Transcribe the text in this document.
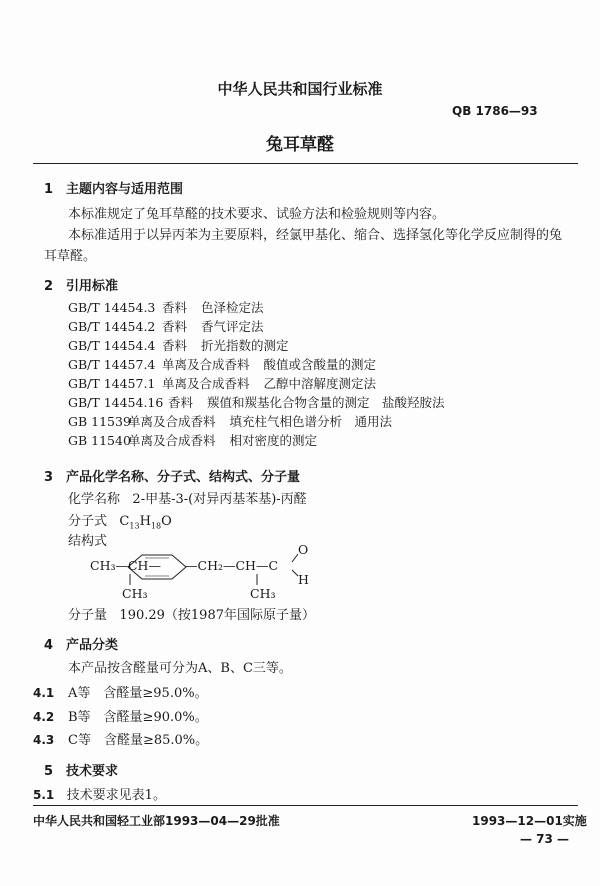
中华人民共和国行业标准
QB 1786—93
兔耳草醛
1　主题内容与适用范围
本标准规定了兔耳草醛的技术要求、试验方法和检验规则等内容。
本标准适用于以异丙苯为主要原料，经氯甲基化、缩合、选择氢化等化学反应制得的兔
耳草醛。
2　引用标准
GB/T 14454.3 香料 色泽检定法
GB/T 14454.2 香料 香气评定法
GB/T 14454.4 香料 折光指数的测定
GB/T 14457.4 单离及合成香料 酸值或含酸量的测定
GB/T 14457.1 单离及合成香料 乙醇中溶解度测定法
GB/T 14454.16 香料 羰值和羰基化合物含量的测定　盐酸羟胺法
GB 11539单离及合成香料 填充柱气相色谱分析　通用法
GB 11540单离及合成香料 相对密度的测定
3　产品化学名称、分子式、结构式、分子量
化学名称 2-甲基-3-(对异丙基苯基)-丙醛
分子式 $C_{13}H_{18}O$
结构式
CH₃—CH—
CH₃
—CH₂—CH—C
CH₃
O
H
分子量 190.29（按1987年国际原子量）
4　产品分类
本产品按含醛量可分为A、B、C三等。
4.1 A等　含醛量≥95.0%。
4.2 B等　含醛量≥90.0%。
4.3 C等　含醛量≥85.0%。
5　技术要求
5.1 技术要求见表1。
中华人民共和国轻工业部1993—04—29批准	1993—12—01实施
— 73 —
